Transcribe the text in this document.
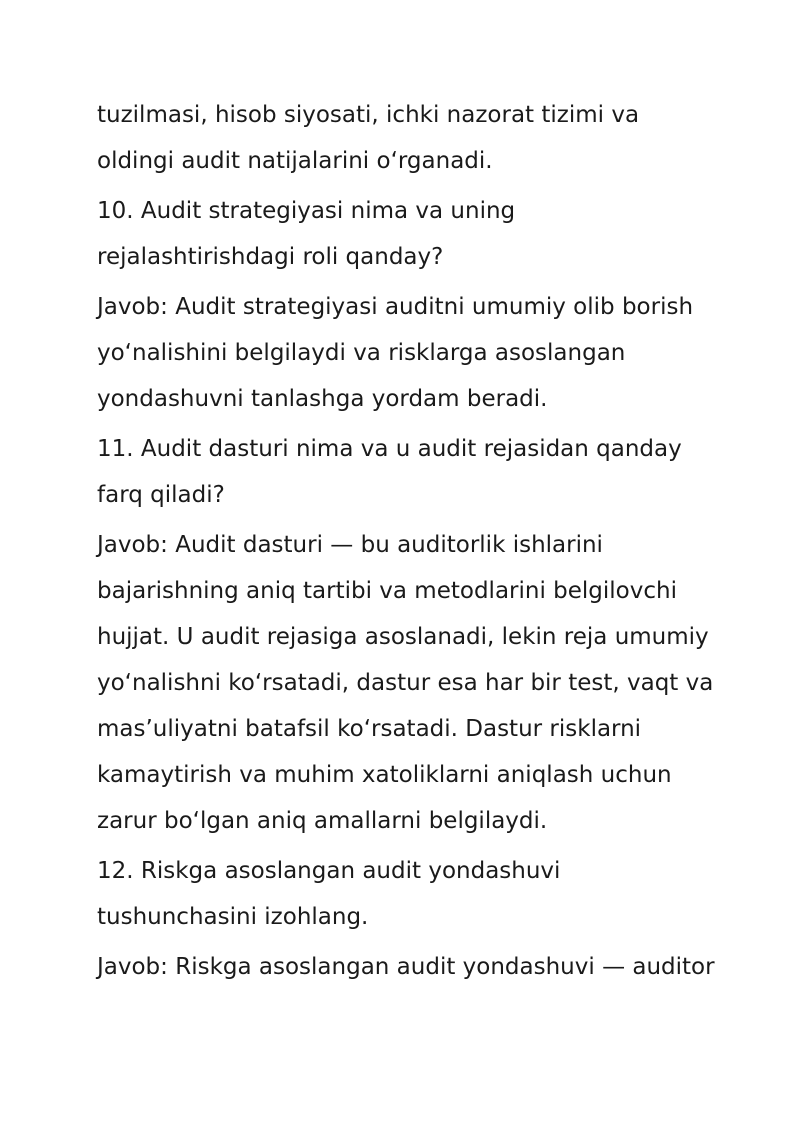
tuzilmasi, hisob siyosati, ichki nazorat tizimi va
oldingi audit natijalarini o‘rganadi.
10. Audit strategiyasi nima va uning
rejalashtirishdagi roli qanday?
Javob: Audit strategiyasi auditni umumiy olib borish
yo‘nalishini belgilaydi va risklarga asoslangan
yondashuvni tanlashga yordam beradi.
11. Audit dasturi nima va u audit rejasidan qanday
farq qiladi?
Javob: Audit dasturi — bu auditorlik ishlarini
bajarishning aniq tartibi va metodlarini belgilovchi
hujjat. U audit rejasiga asoslanadi, lekin reja umumiy
yo‘nalishni ko‘rsatadi, dastur esa har bir test, vaqt va
mas’uliyatni batafsil ko‘rsatadi. Dastur risklarni
kamaytirish va muhim xatoliklarni aniqlash uchun
zarur bo‘lgan aniq amallarni belgilaydi.
12. Riskga asoslangan audit yondashuvi
tushunchasini izohlang.
Javob: Riskga asoslangan audit yondashuvi — auditor
